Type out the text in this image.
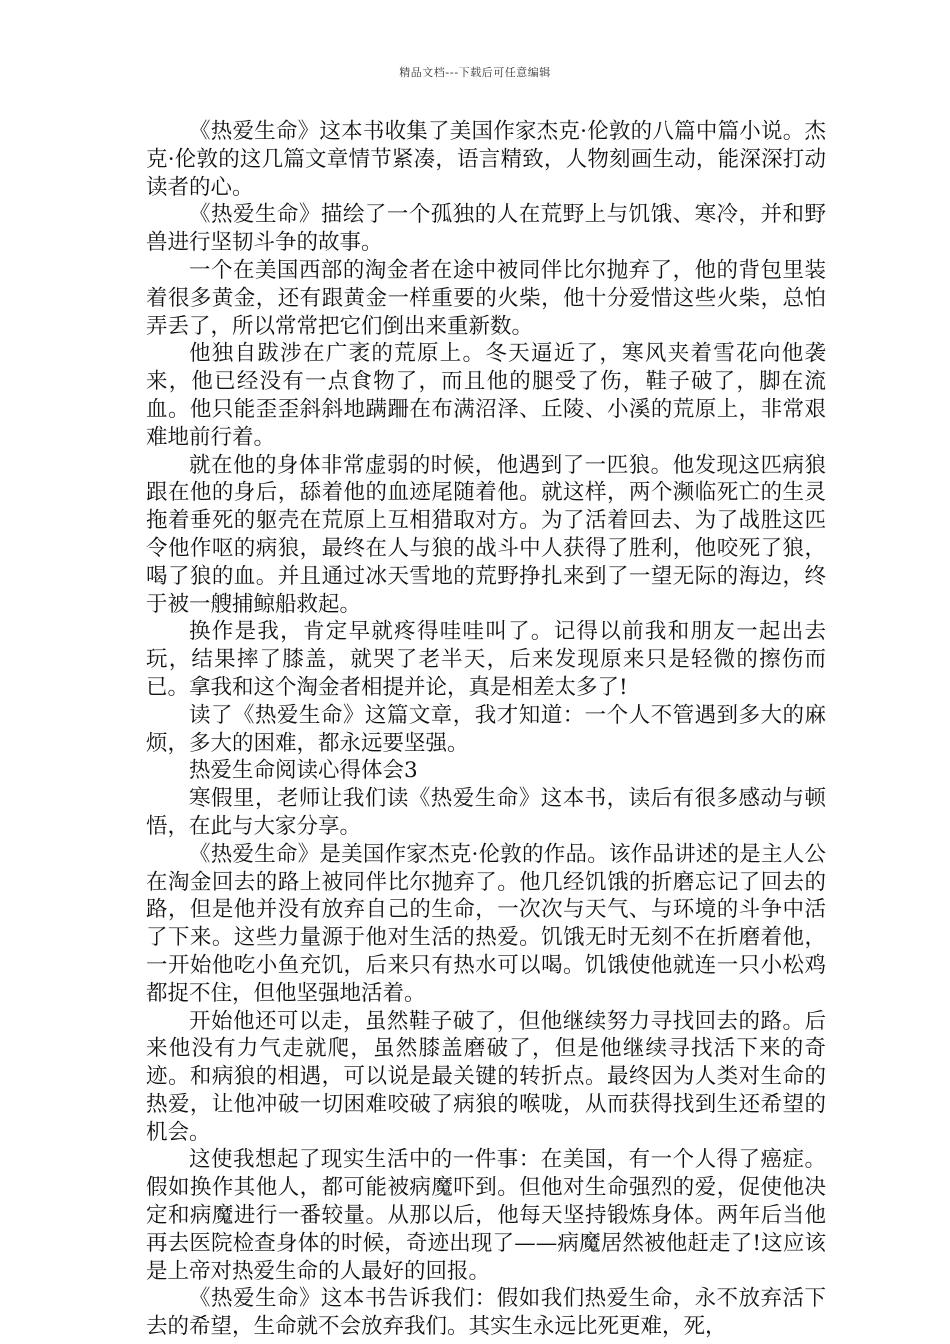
精品文档---下载后可任意编辑

《热爱生命》这本书收集了美国作家杰克·伦敦的八篇中篇小说。杰克·伦敦的这几篇文章情节紧凑，语言精致，人物刻画生动，能深深打动读者的心。

《热爱生命》描绘了一个孤独的人在荒野上与饥饿、寒冷，并和野兽进行坚韧斗争的故事。

一个在美国西部的淘金者在途中被同伴比尔抛弃了，他的背包里装着很多黄金，还有跟黄金一样重要的火柴，他十分爱惜这些火柴，总怕弄丢了，所以常常把它们倒出来重新数。

他独自跋涉在广袤的荒原上。冬天逼近了，寒风夹着雪花向他袭来，他已经没有一点食物了，而且他的腿受了伤，鞋子破了，脚在流血。他只能歪歪斜斜地蹒跚在布满沼泽、丘陵、小溪的荒原上，非常艰难地前行着。

就在他的身体非常虚弱的时候，他遇到了一匹狼。他发现这匹病狼跟在他的身后，舔着他的血迹尾随着他。就这样，两个濒临死亡的生灵拖着垂死的躯壳在荒原上互相猎取对方。为了活着回去、为了战胜这匹令他作呕的病狼，最终在人与狼的战斗中人获得了胜利，他咬死了狼，喝了狼的血。并且通过冰天雪地的荒野挣扎来到了一望无际的海边，终于被一艘捕鲸船救起。

换作是我，肯定早就疼得哇哇叫了。记得以前我和朋友一起出去玩，结果摔了膝盖，就哭了老半天，后来发现原来只是轻微的擦伤而已。拿我和这个淘金者相提并论，真是相差太多了!

读了《热爱生命》这篇文章，我才知道：一个人不管遇到多大的麻烦，多大的困难，都永远要坚强。

热爱生命阅读心得体会3

寒假里，老师让我们读《热爱生命》这本书，读后有很多感动与顿悟，在此与大家分享。

《热爱生命》是美国作家杰克·伦敦的作品。该作品讲述的是主人公在淘金回去的路上被同伴比尔抛弃了。他几经饥饿的折磨忘记了回去的路，但是他并没有放弃自己的生命，一次次与天气、与环境的斗争中活了下来。这些力量源于他对生活的热爱。饥饿无时无刻不在折磨着他，一开始他吃小鱼充饥，后来只有热水可以喝。饥饿使他就连一只小松鸡都捉不住，但他坚强地活着。

开始他还可以走，虽然鞋子破了，但他继续努力寻找回去的路。后来他没有力气走就爬，虽然膝盖磨破了，但是他继续寻找活下来的奇迹。和病狼的相遇，可以说是最关键的转折点。最终因为人类对生命的热爱，让他冲破一切困难咬破了病狼的喉咙，从而获得找到生还希望的机会。

这使我想起了现实生活中的一件事：在美国，有一个人得了癌症。假如换作其他人，都可能被病魔吓到。但他对生命强烈的爱，促使他决定和病魔进行一番较量。从那以后，他每天坚持锻炼身体。两年后当他再去医院检查身体的时候，奇迹出现了——病魔居然被他赶走了!这应该是上帝对热爱生命的人最好的回报。

《热爱生命》这本书告诉我们：假如我们热爱生命，永不放弃活下去的希望，生命就不会放弃我们。其实生永远比死更难，死，
